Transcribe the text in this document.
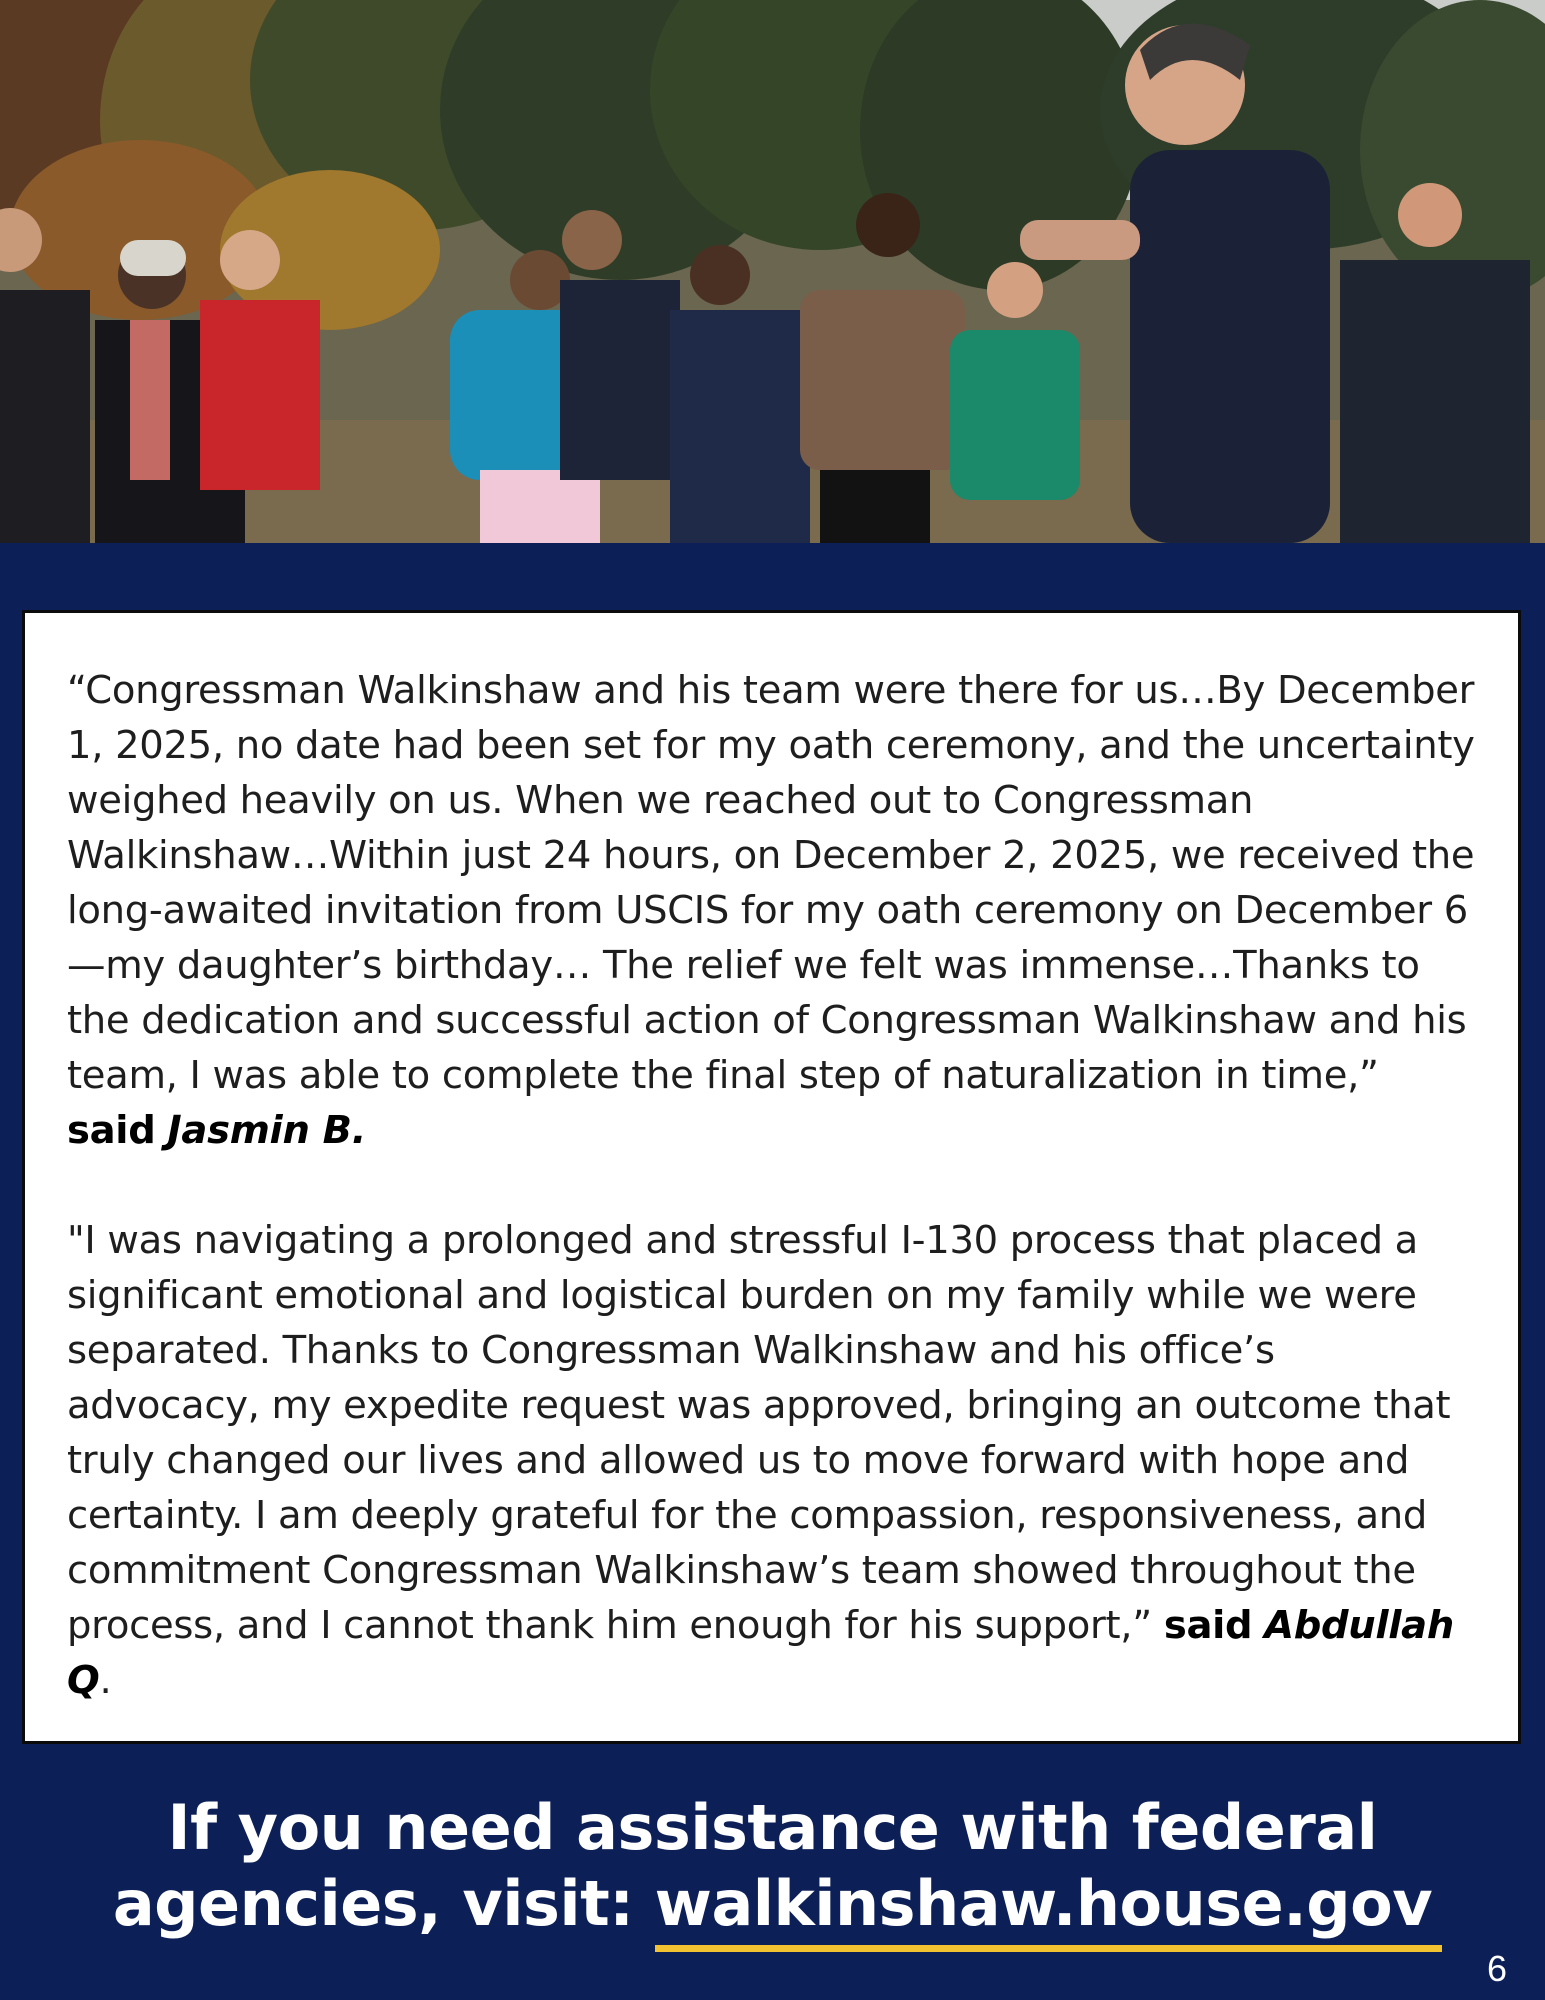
“Congressman Walkinshaw and his team were there for us…By December 1, 2025, no date had been set for my oath ceremony, and the uncertainty weighed heavily on us. When we reached out to Congressman Walkinshaw…Within just 24 hours, on December 2, 2025, we received the long-awaited invitation from USCIS for my oath ceremony on December 6—my daughter’s birthday… The relief we felt was immense…Thanks to the dedication and successful action of Congressman Walkinshaw and his team, I was able to complete the final step of naturalization in time,” said Jasmin B.

"I was navigating a prolonged and stressful I-130 process that placed a significant emotional and logistical burden on my family while we were separated. Thanks to Congressman Walkinshaw and his office’s advocacy, my expedite request was approved, bringing an outcome that truly changed our lives and allowed us to move forward with hope and certainty. I am deeply grateful for the compassion, responsiveness, and commitment Congressman Walkinshaw’s team showed throughout the process, and I cannot thank him enough for his support,” said Abdullah Q.

If you need assistance with federal
agencies, visit: walkinshaw.house.gov
6
